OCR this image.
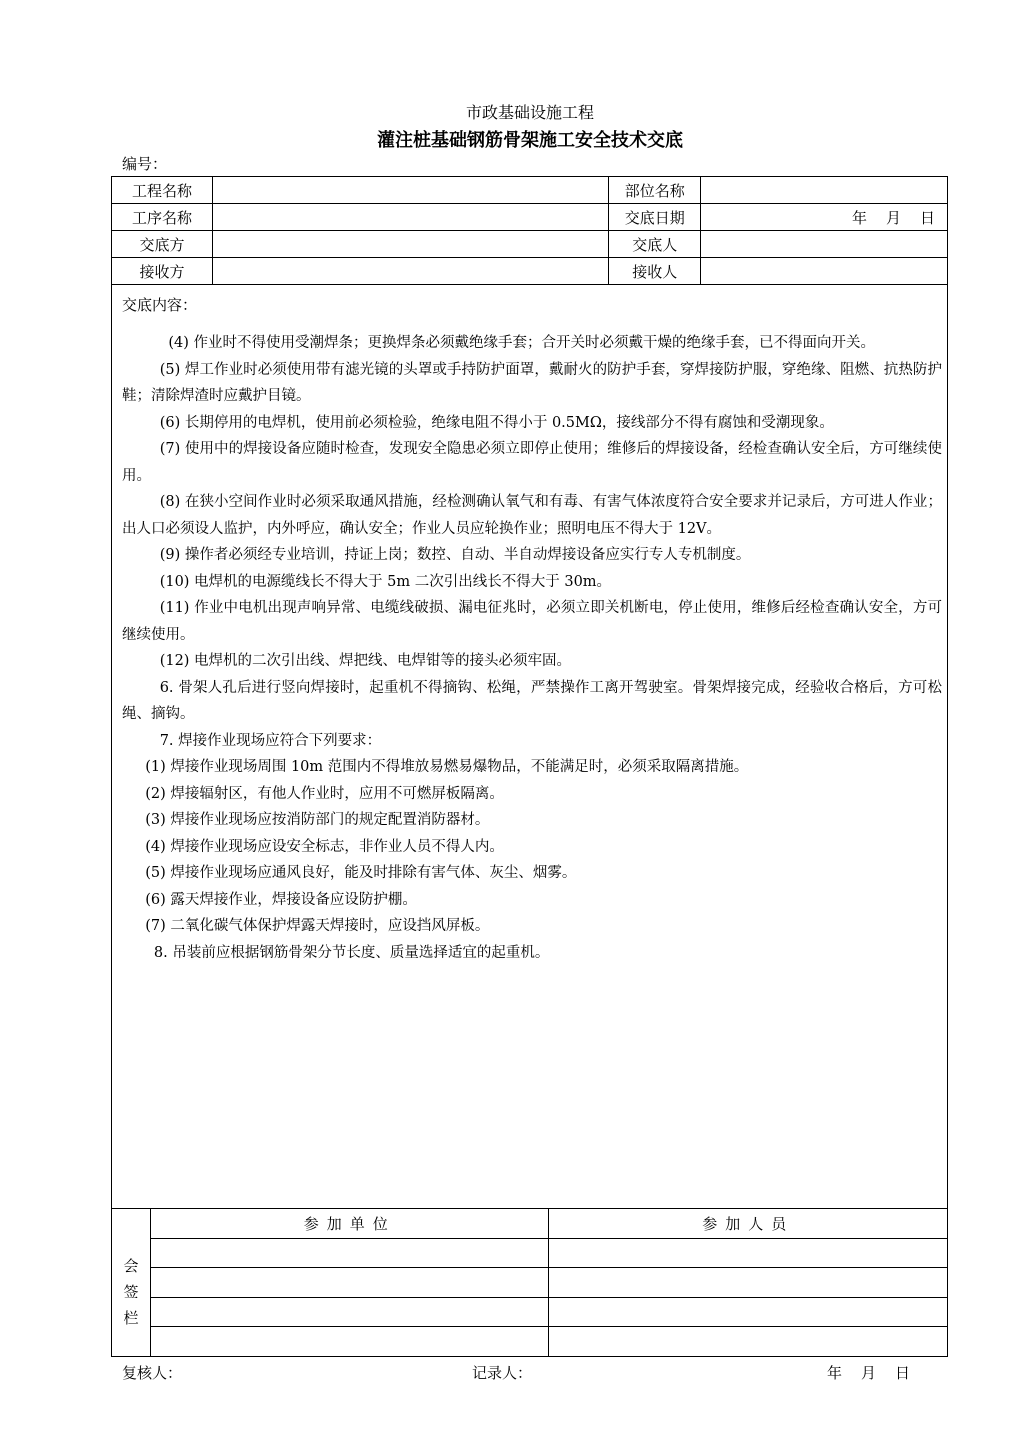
市政基础设施工程
灌注桩基础钢筋骨架施工安全技术交底
编号：
工程名称		部位名称	
工序名称		交底日期	年　月　日
交底方		交底人	
接收方		接收人	
交底内容：

(4) 作业时不得使用受潮焊条；更换焊条必须戴绝缘手套；合开关时必须戴干燥的绝缘手套，已不得面向开关。

(5) 焊工作业时必须使用带有滤光镜的头罩或手持防护面罩，戴耐火的防护手套，穿焊接防护服，穿绝缘、阻燃、抗热防护鞋；清除焊渣时应戴护目镜。

(6) 长期停用的电焊机，使用前必须检验，绝缘电阻不得小于 0.5MΩ，接线部分不得有腐蚀和受潮现象。

(7) 使用中的焊接设备应随时检查，发现安全隐患必须立即停止使用；维修后的焊接设备，经检查确认安全后，方可继续使用。

(8) 在狭小空间作业时必须采取通风措施，经检测确认氧气和有毒、有害气体浓度符合安全要求并记录后，方可进人作业；出人口必须设人监护，内外呼应，确认安全；作业人员应轮换作业；照明电压不得大于 12V。

(9) 操作者必须经专业培训，持证上岗；数控、自动、半自动焊接设备应实行专人专机制度。

(10) 电焊机的电源缆线长不得大于 5m 二次引出线长不得大于 30m。

(11) 作业中电机出现声响异常、电缆线破损、漏电征兆时，必须立即关机断电，停止使用，维修后经检查确认安全，方可继续使用。

(12) 电焊机的二次引出线、焊把线、电焊钳等的接头必须牢固。

6. 骨架人孔后进行竖向焊接时，起重机不得摘钩、松绳，严禁操作工离开驾驶室。骨架焊接完成，经验收合格后，方可松绳、摘钩。

7. 焊接作业现场应符合下列要求：

(1) 焊接作业现场周围 10m 范围内不得堆放易燃易爆物品，不能满足时，必须采取隔离措施。

(2) 焊接辐射区，有他人作业时，应用不可燃屏板隔离。

(3) 焊接作业现场应按消防部门的规定配置消防器材。

(4) 焊接作业现场应设安全标志，非作业人员不得人内。

(5) 焊接作业现场应通风良好，能及时排除有害气体、灰尘、烟雾。

(6) 露天焊接作业，焊接设备应设防护棚。

(7) 二氧化碳气体保护焊露天焊接时，应设挡风屏板。

8. 吊装前应根据钢筋骨架分节长度、质量选择适宜的起重机。

会
签
栏	参加单位	参加人员

复核人：	记录人：	年　月　日
